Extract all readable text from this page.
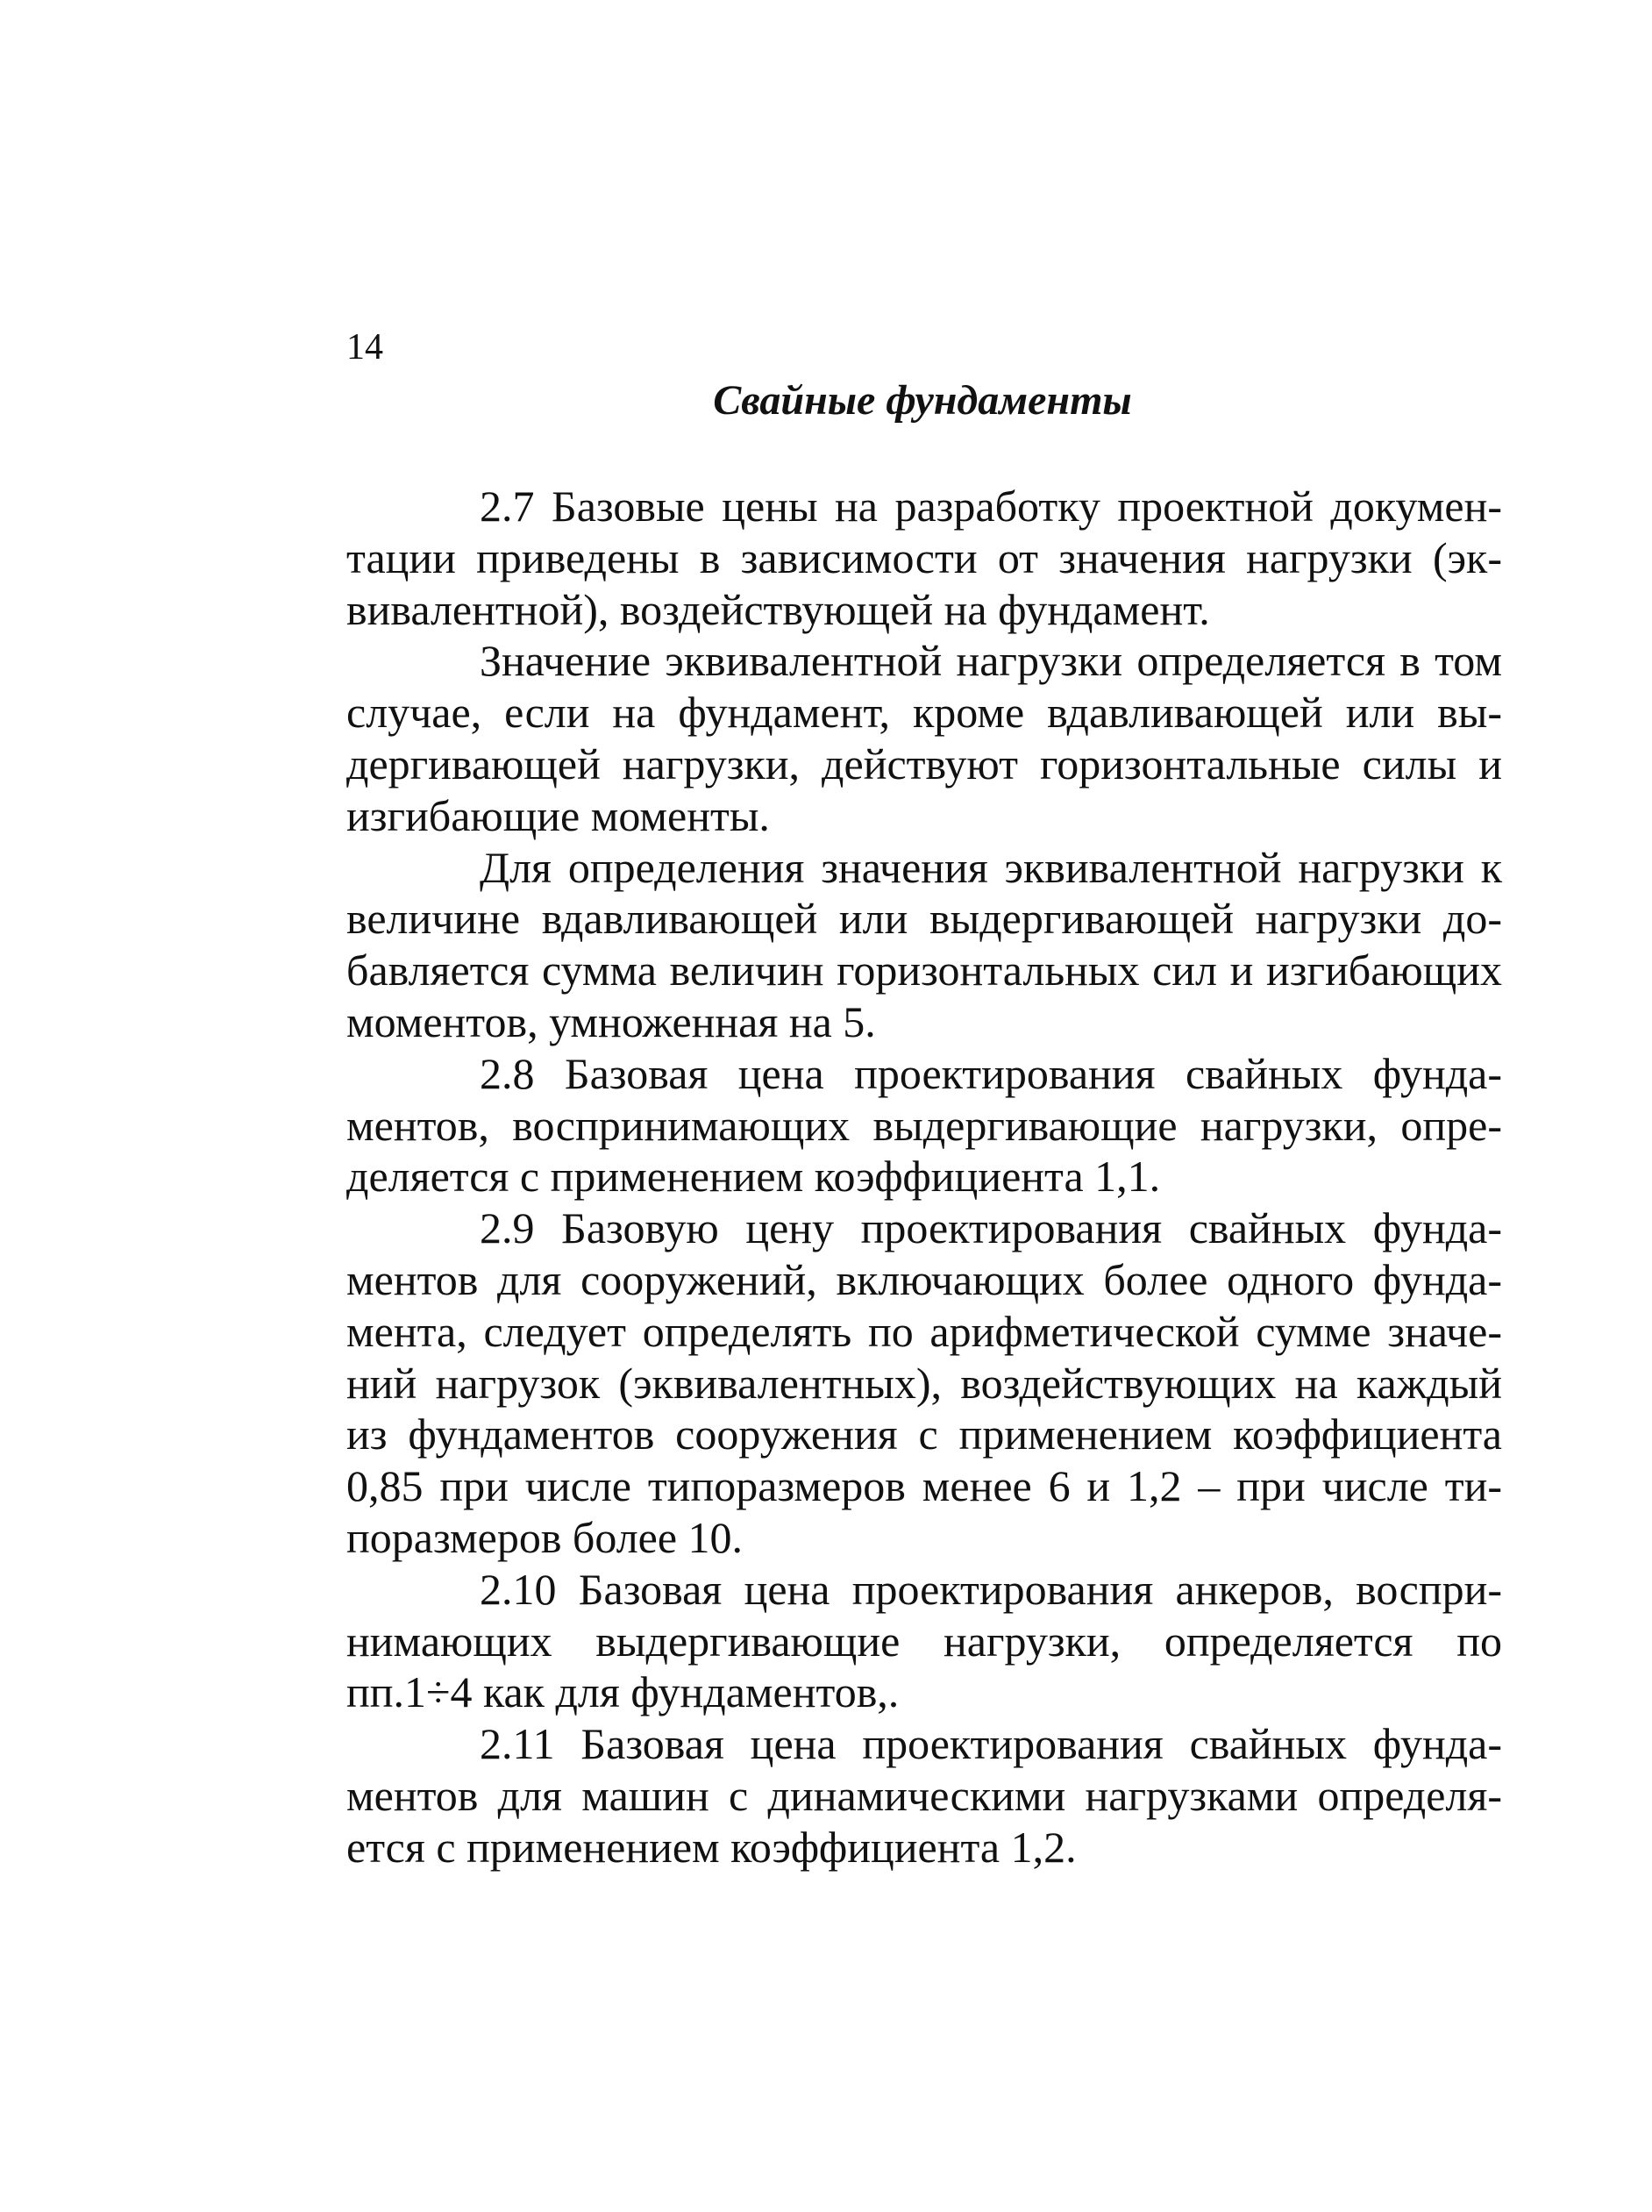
14
Свайные фундаменты

2.7 Базовые цены на разработку проектной документации приведены в зависимости от значения нагрузки (эквивалентной), воздействующей на фундамент.

Значение эквивалентной нагрузки определяется в том случае, если на фундамент, кроме вдавливающей или выдергивающей нагрузки, действуют горизонтальные силы и изгибающие моменты.

Для определения значения эквивалентной нагрузки к величине вдавливающей или выдергивающей нагрузки добавляется сумма величин горизонтальных сил и изгибающих моментов, умноженная на 5.

2.8 Базовая цена проектирования свайных фундаментов, воспринимающих выдергивающие нагрузки, определяется с применением коэффициента 1,1.

2.9 Базовую цену проектирования свайных фундаментов для сооружений, включающих более одного фундамента, следует определять по арифметической сумме значений нагрузок (эквивалентных), воздействующих на каждый из фундаментов сооружения с применением коэффициента 0,85 при числе типоразмеров менее 6 и 1,2 – при числе типоразмеров более 10.

2.10 Базовая цена проектирования анкеров, воспринимающих выдергивающие нагрузки, определяется по пп.1÷4 как для фундаментов,.

2.11 Базовая цена проектирования свайных фундаментов для машин с динамическими нагрузками определяется с применением коэффициента 1,2.
